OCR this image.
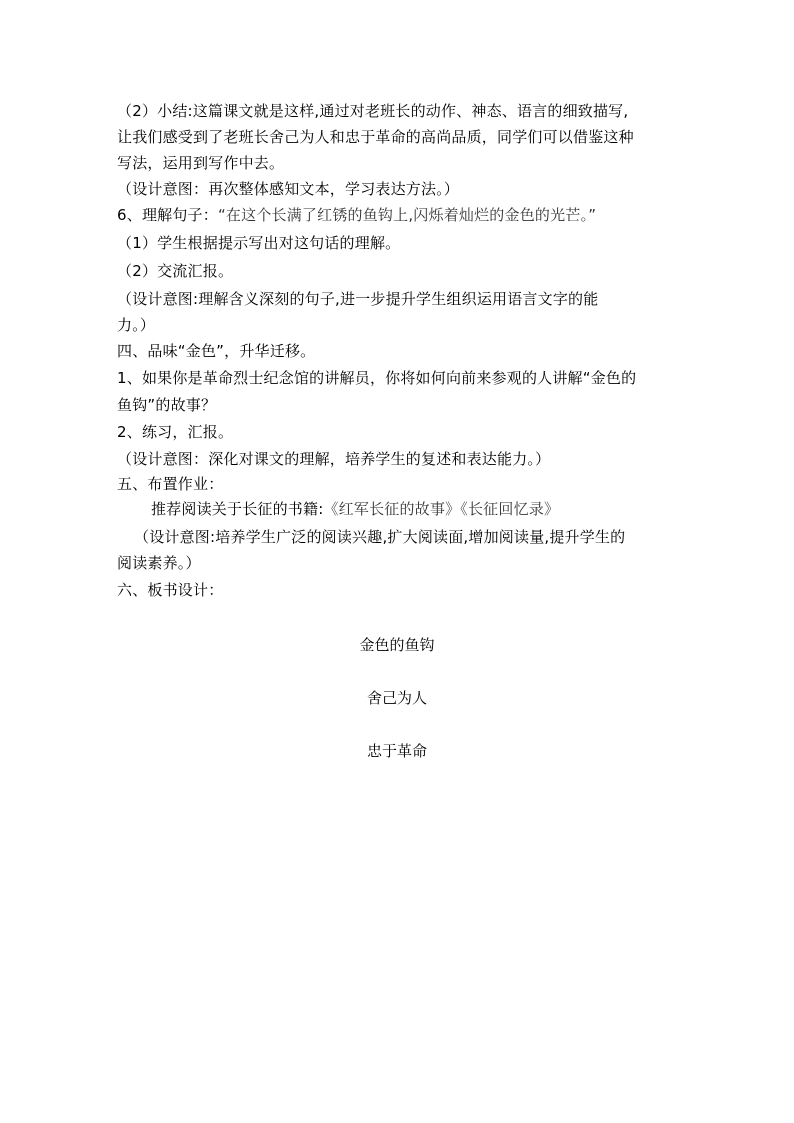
（2）小结:这篇课文就是这样,通过对老班长的动作、神态、语言的细致描写,
让我们感受到了老班长舍己为人和忠于革命的高尚品质，同学们可以借鉴这种
写法，运用到写作中去。
（设计意图：再次整体感知文本，学习表达方法。）
6、理解句子：“在这个长满了红锈的鱼钩上,闪烁着灿烂的金色的光芒。”
（1）学生根据提示写出对这句话的理解。
（2）交流汇报。
（设计意图:理解含义深刻的句子,进一步提升学生组织运用语言文字的能
力。）
四、品味“金色”，升华迁移。
1、如果你是革命烈士纪念馆的讲解员，你将如何向前来参观的人讲解“金色的
鱼钩”的故事？
2、练习，汇报。
（设计意图：深化对课文的理解，培养学生的复述和表达能力。）
五、布置作业：
推荐阅读关于长征的书籍:《红军长征的故事》《长征回忆录》
（设计意图:培养学生广泛的阅读兴趣,扩大阅读面,增加阅读量,提升学生的
阅读素养。）
六、板书设计：
金色的鱼钩
舍己为人
忠于革命
